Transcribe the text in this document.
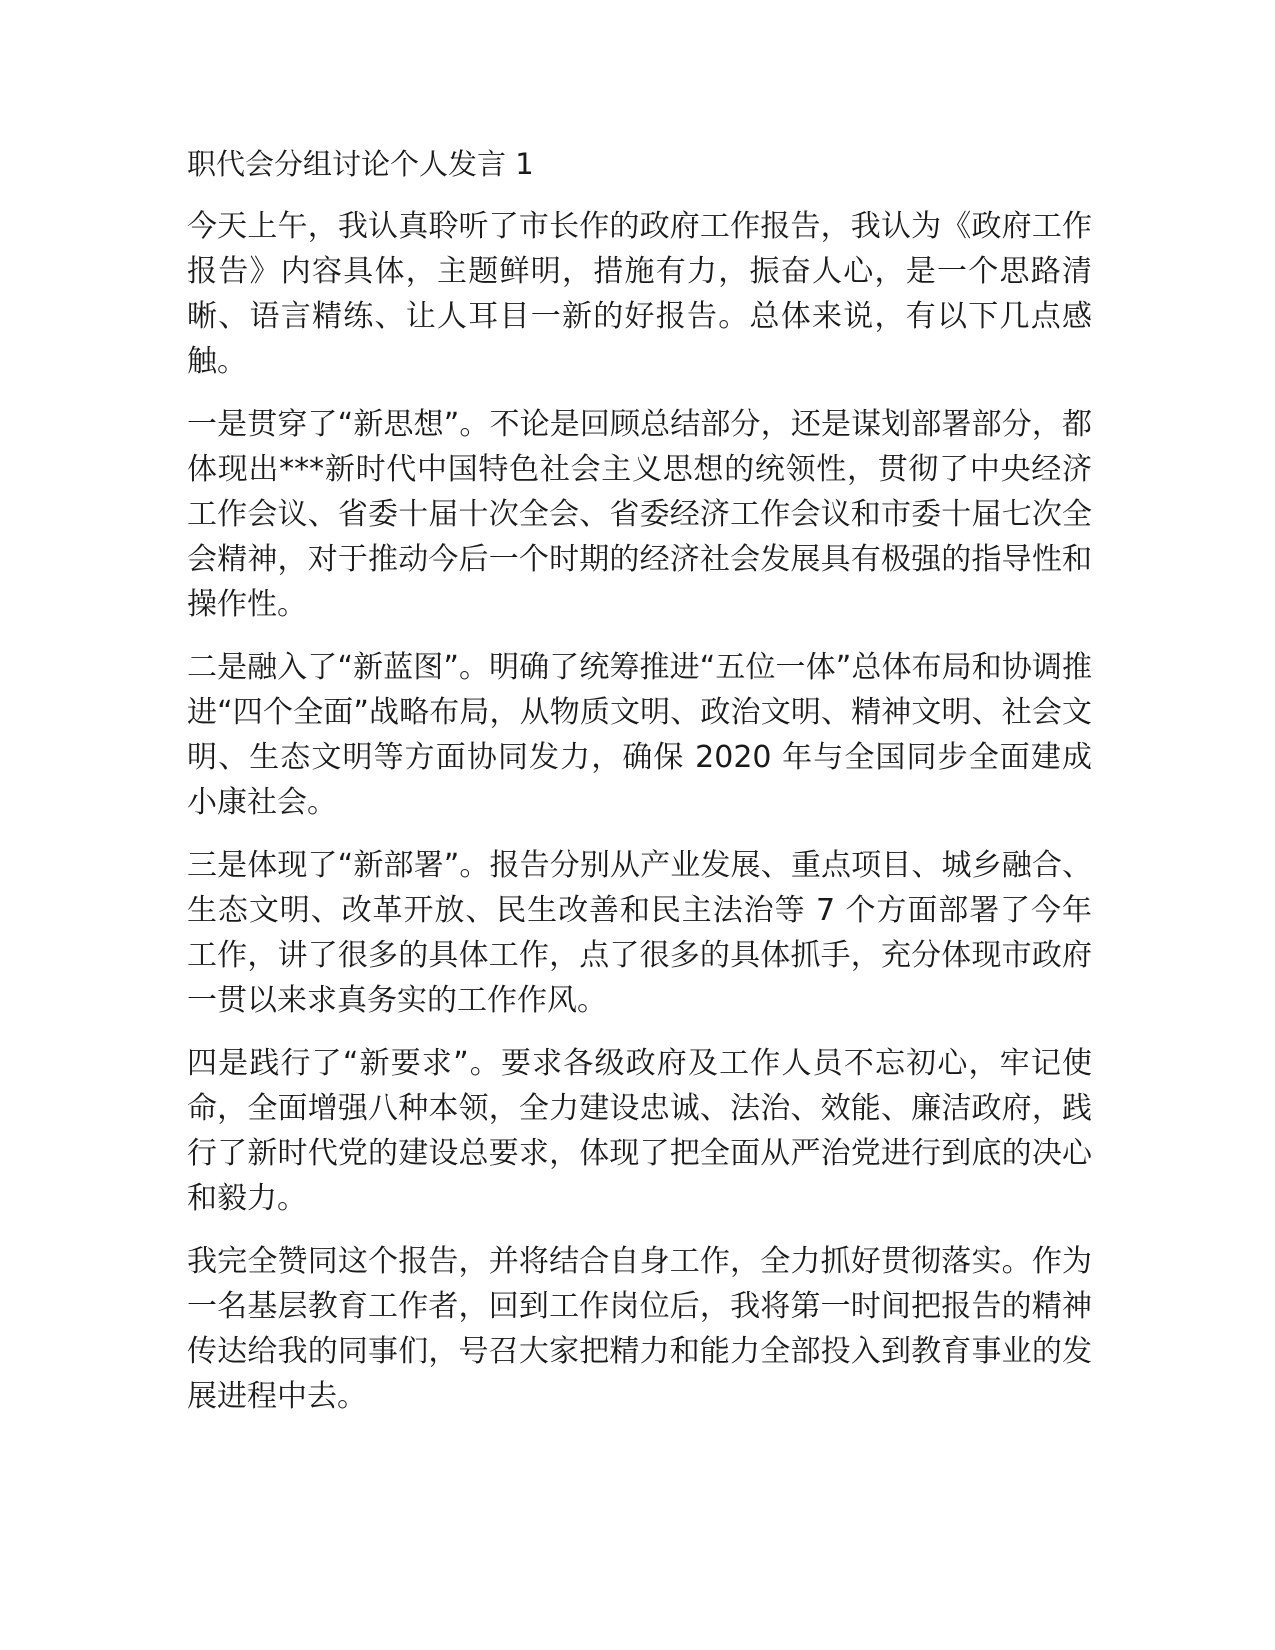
职代会分组讨论个人发言 1

今天上午，我认真聆听了市长作的政府工作报告，我认为《政府工作报告》内容具体，主题鲜明，措施有力，振奋人心，是一个思路清晰、语言精练、让人耳目一新的好报告。总体来说，有以下几点感触。

一是贯穿了“新思想”。不论是回顾总结部分，还是谋划部署部分，都体现出***新时代中国特色社会主义思想的统领性，贯彻了中央经济工作会议、省委十届十次全会、省委经济工作会议和市委十届七次全会精神，对于推动今后一个时期的经济社会发展具有极强的指导性和操作性。

二是融入了“新蓝图”。明确了统筹推进“五位一体”总体布局和协调推进“四个全面”战略布局，从物质文明、政治文明、精神文明、社会文明、生态文明等方面协同发力，确保 2020 年与全国同步全面建成小康社会。

三是体现了“新部署”。报告分别从产业发展、重点项目、城乡融合、生态文明、改革开放、民生改善和民主法治等 7 个方面部署了今年工作，讲了很多的具体工作，点了很多的具体抓手，充分体现市政府一贯以来求真务实的工作作风。

四是践行了“新要求”。要求各级政府及工作人员不忘初心，牢记使命，全面增强八种本领，全力建设忠诚、法治、效能、廉洁政府，践行了新时代党的建设总要求，体现了把全面从严治党进行到底的决心和毅力。

我完全赞同这个报告，并将结合自身工作，全力抓好贯彻落实。作为一名基层教育工作者，回到工作岗位后，我将第一时间把报告的精神传达给我的同事们，号召大家把精力和能力全部投入到教育事业的发展进程中去。
